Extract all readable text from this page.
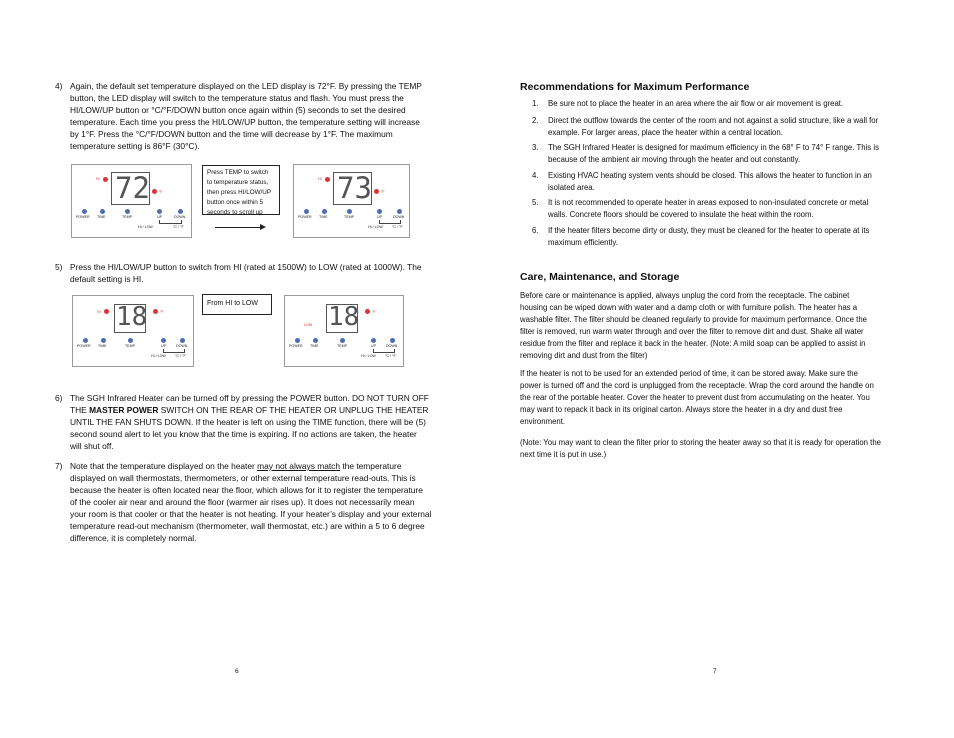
4) Again, the default set temperature displayed on the LED display is 72°F. By pressing the TEMP
button, the LED display will switch to the temperature status and flash. You must press the
HI/LOW/UP button or °C/°F/DOWN button once again within (5) seconds to set the desired
temperature. Each time you press the HI/LOW/UP button, the temperature setting will increase
by 1°F. Press the °C/°F/DOWN button and the time will decrease by 1°F. The maximum
temperature setting is 86°F (30°C).
HI 72	°F
POWER TIME	TEMP	UP	DOWN
HI / LOW	°C / °F
Press TEMP to switch
to temperature status,
then press HI/LOW/UP
button once within 5
seconds to scroll up
HI 73	°F
POWER TIME	TEMP	UP	DOWN
HI / LOW	°C / °F
5) Press the HI/LOW/UP button to switch from HI (rated at 1500W) to LOW (rated at 1000W). The
default setting is HI.
HI 18	°F
POWER TIME	TEMP	UP	DOWN
HI / LOW	°C / °F
From HI to LOW
LOW 18	°F
POWER TIME	TEMP	UP	DOWN
HI / LOW	°C / °F
6) The SGH Infrared Heater can be turned off by pressing the POWER button. DO NOT TURN OFF
THE MASTER POWER SWITCH ON THE REAR OF THE HEATER OR UNPLUG THE HEATER
UNTIL THE FAN SHUTS DOWN. If the heater is left on using the TIME function, there will be (5)
second sound alert to let you know that the time is expiring. If no actions are taken, the heater
will shut off.
7) Note that the temperature displayed on the heater may not always match the temperature
displayed on wall thermostats, thermometers, or other external temperature read-outs. This is
because the heater is often located near the floor, which allows for it to register the temperature
of the cooler air near and around the floor (warmer air rises up). It does not necessarily mean
your room is that cooler or that the heater is not heating. If your heater’s display and your external
temperature read-out mechanism (thermometer, wall thermostat, etc.) are within a 5 to 6 degree
difference, it is completely normal.
6
Recommendations for Maximum Performance
1. Be sure not to place the heater in an area where the air flow or air movement is great.
2. Direct the outflow towards the center of the room and not against a solid structure, like a wall for
example. For larger areas, place the heater within a central location.
3. The SGH Infrared Heater is designed for maximum efficiency in the 68° F to 74° F range. This is
because of the ambient air moving through the heater and out constantly.
4. Existing HVAC heating system vents should be closed. This allows the heater to function in an
isolated area.
5. It is not recommended to operate heater in areas exposed to non-insulated concrete or metal
walls. Concrete floors should be covered to insulate the heat within the room.
6. If the heater filters become dirty or dusty, they must be cleaned for the heater to operate at its
maximum efficiently.
Care, Maintenance, and Storage
Before care or maintenance is applied, always unplug the cord from the receptacle. The cabinet
housing can be wiped down with water and a damp cloth or with furniture polish. The heater has a
washable filter. The filter should be cleaned regularly to provide for maximum performance. Once the
filter is removed, run warm water through and over the filter to remove dirt and dust. Shake all water
residue from the filter and replace it back in the heater. (Note: A mild soap can be applied to assist in
removing dirt and dust from the filter)
If the heater is not to be used for an extended period of time, it can be stored away. Make sure the
power is turned off and the cord is unplugged from the receptacle. Wrap the cord around the handle on
the rear of the portable heater. Cover the heater to prevent dust from accumulating on the heater. You
may want to repack it back in its original carton. Always store the heater in a dry and dust free
environment.
(Note: You may want to clean the filter prior to storing the heater away so that it is ready for operation the
next time it is put in use.)
7
